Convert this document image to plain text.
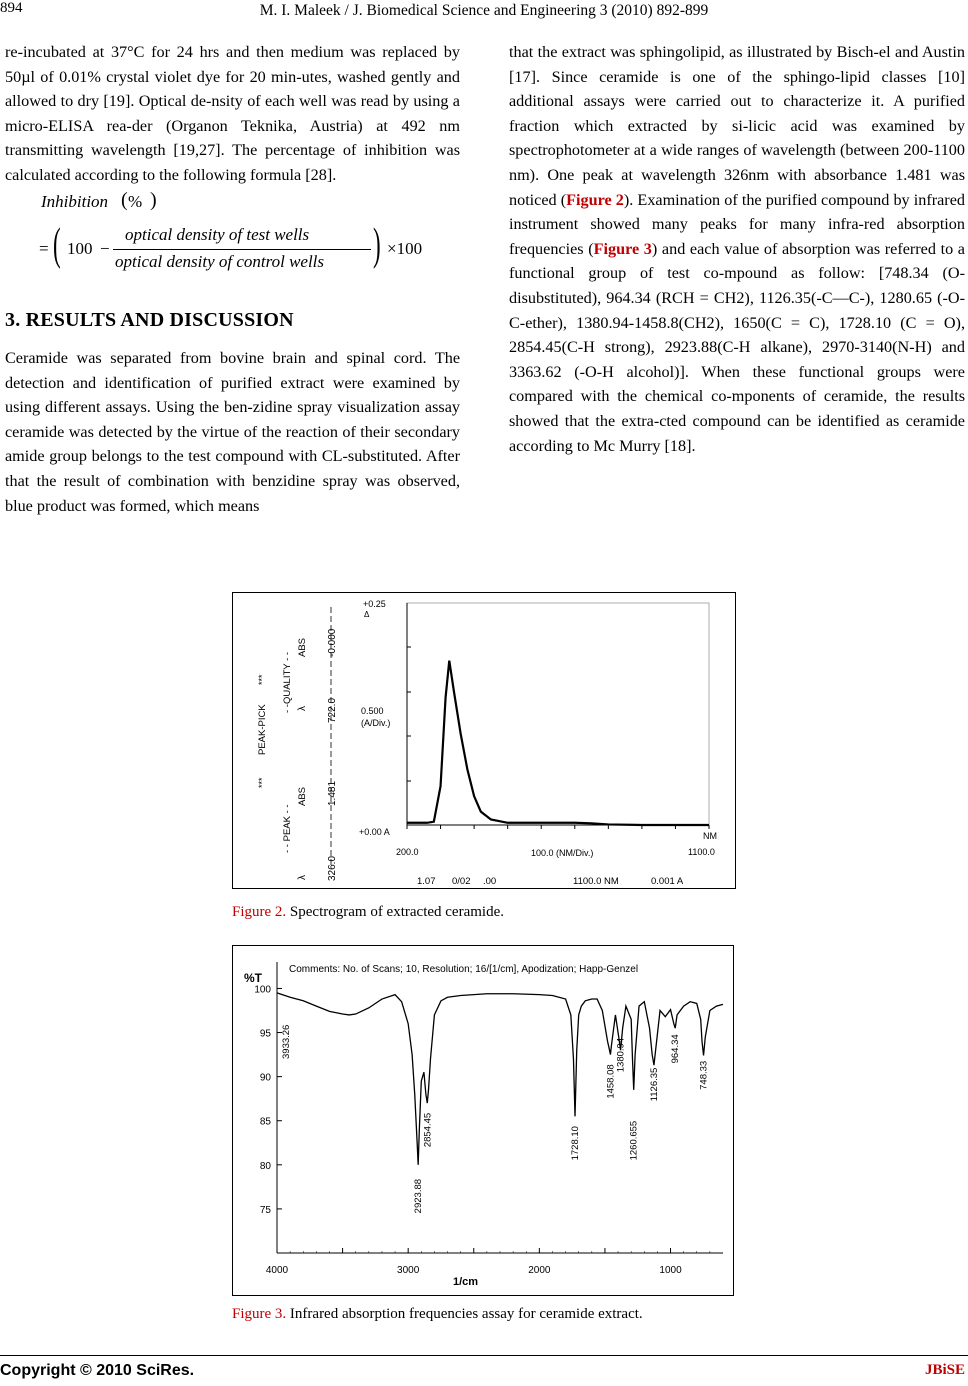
894	M. I. Maleek / J. Biomedical Science and Engineering 3 (2010) 892-899

re-incubated at 37°C for 24 hrs and then medium was replaced by 50µl of 0.01% crystal violet dye for 20 min-utes, washed gently and allowed to dry [19]. Optical de-nsity of each well was read by using a micro-ELISA rea-der (Organon Teknika, Austria) at 492 nm transmitting wavelength [19,27]. The percentage of inhibition was calculated according to the following formula [28].

Inhibition ( % )
= ( 100 −
optical density of test wells
optical density of control wells ) ×100
3. RESULTS AND DISCUSSION
Ceramide was separated from bovine brain and spinal cord. The detection and identification of purified extract were examined by using different assays. Using the ben-zidine spray visualization assay ceramide was detected by the virtue of the reaction of their secondary amide group belongs to the test compound with CL-substituted. After that the result of combination with benzidine spray was observed, blue product was formed, which means

that the extract was sphingolipid, as illustrated by Bisch-el and Austin [17]. Since ceramide is one of the sphingo-lipid classes [10] additional assays were carried out to characterize it. A purified fraction which extracted by si-licic acid was examined by spectrophotometer at a wide ranges of wavelength (between 200-1100 nm). One peak at wavelength 326nm with absorbance 1.481 was noticed (Figure 2). Examination of the purified compound by infrared instrument showed many peaks for many infra-red absorption frequencies (Figure 3) and each value of absorption was referred to a functional group of test co-mpound as follow: [748.34 (O-disubstituted), 964.34 (RCH = CH2), 1126.35(-C—C-), 1280.65 (-O-C-ether), 1380.94-1458.8(CH2), 1650(C = C), 1728.10 (C = O), 2854.45(C-H strong), 2923.88(C-H alkane), 2970-3140(N-H) and 3363.62 (-O-H alcohol)]. When these functional groups were compared with the chemical co-mponents of ceramide, the results showed that the extra-cted compound can be identified as ceramide according to Mc Murry [18].

***
PEAK-PICK
***
- - PEAK - -
- -QUALITY - -
λ
ABS
λ
ABS
326.0
1.481
722.0
-0.000
+0.25
Δ
0.500
(A/Div.)
+0.00 A
200.0	100.0 (NM/Div.)	1100.0
NM
1.07 0/02 .00	1100.0 NM	0.001 A
Figure 2. Spectrogram of extracted ceramide.
Comments: No. of Scans; 10, Resolution; 16/[1/cm], Apodization; Happ-Genzel
%T
1/cm
75
80
85
90
95
100
4000	3000	2000	1000
3933.26
2923.88
2854.45	1728.10
1458.08
1380.94
1260.655
1126.35
964.34
748.33
Figure 3. Infrared absorption frequencies assay for ceramide extract.
Copyright © 2010 SciRes.	JBiSE
